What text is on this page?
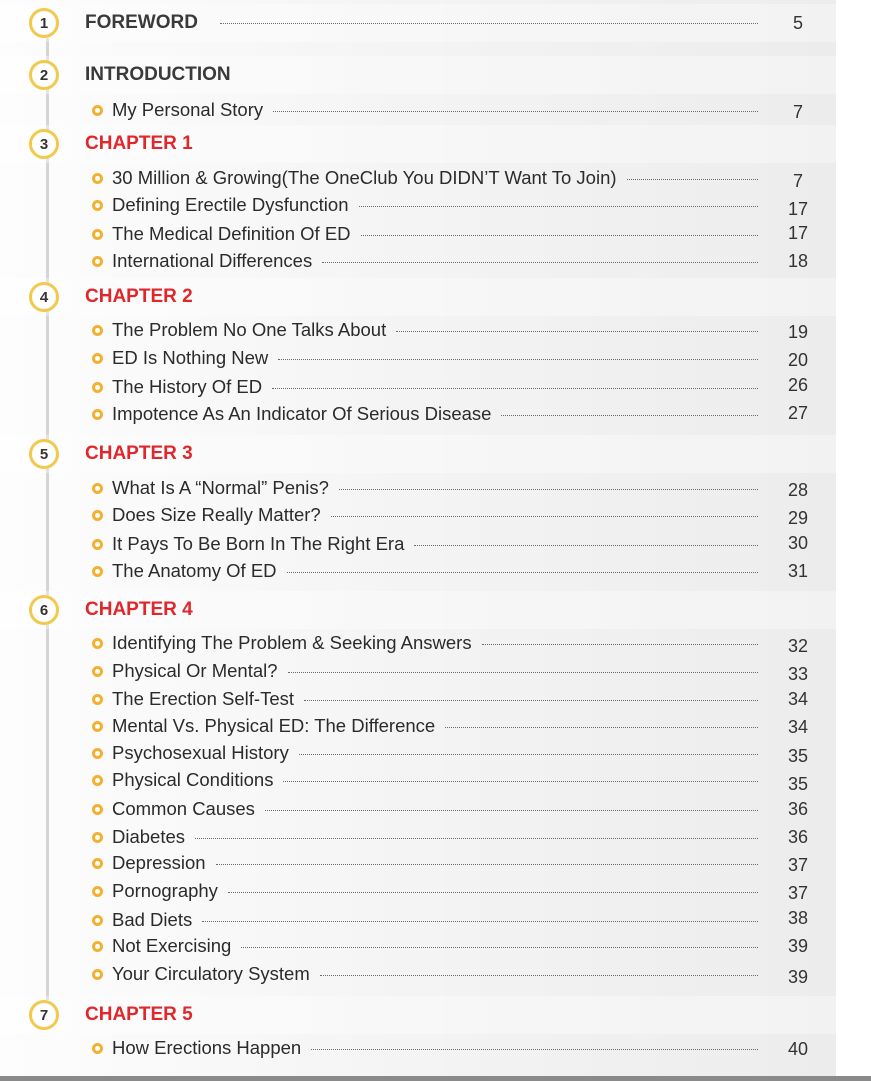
1	FOREWORD	5
2	INTRODUCTION
My Personal Story	7
3	CHAPTER 1
30 Million & Growing(The OneClub You DIDN’T Want To Join)	7
Defining Erectile Dysfunction	17
The Medical Definition Of ED	17
International Differences	18
4	CHAPTER 2
The Problem No One Talks About	19
ED Is Nothing New	20
The History Of ED	26
Impotence As An Indicator Of Serious Disease	27
5	CHAPTER 3
What Is A “Normal” Penis?	28
Does Size Really Matter?	29
It Pays To Be Born In The Right Era	30
The Anatomy Of ED	31
6	CHAPTER 4
Identifying The Problem & Seeking Answers	32
Physical Or Mental?	33
The Erection Self-Test	34
Mental Vs. Physical ED: The Difference	34
Psychosexual History	35
Physical Conditions	35
Common Causes	36
Diabetes	36
Depression	37
Pornography	37
Bad Diets	38
Not Exercising	39
Your Circulatory System	39
7	CHAPTER 5
How Erections Happen	40
